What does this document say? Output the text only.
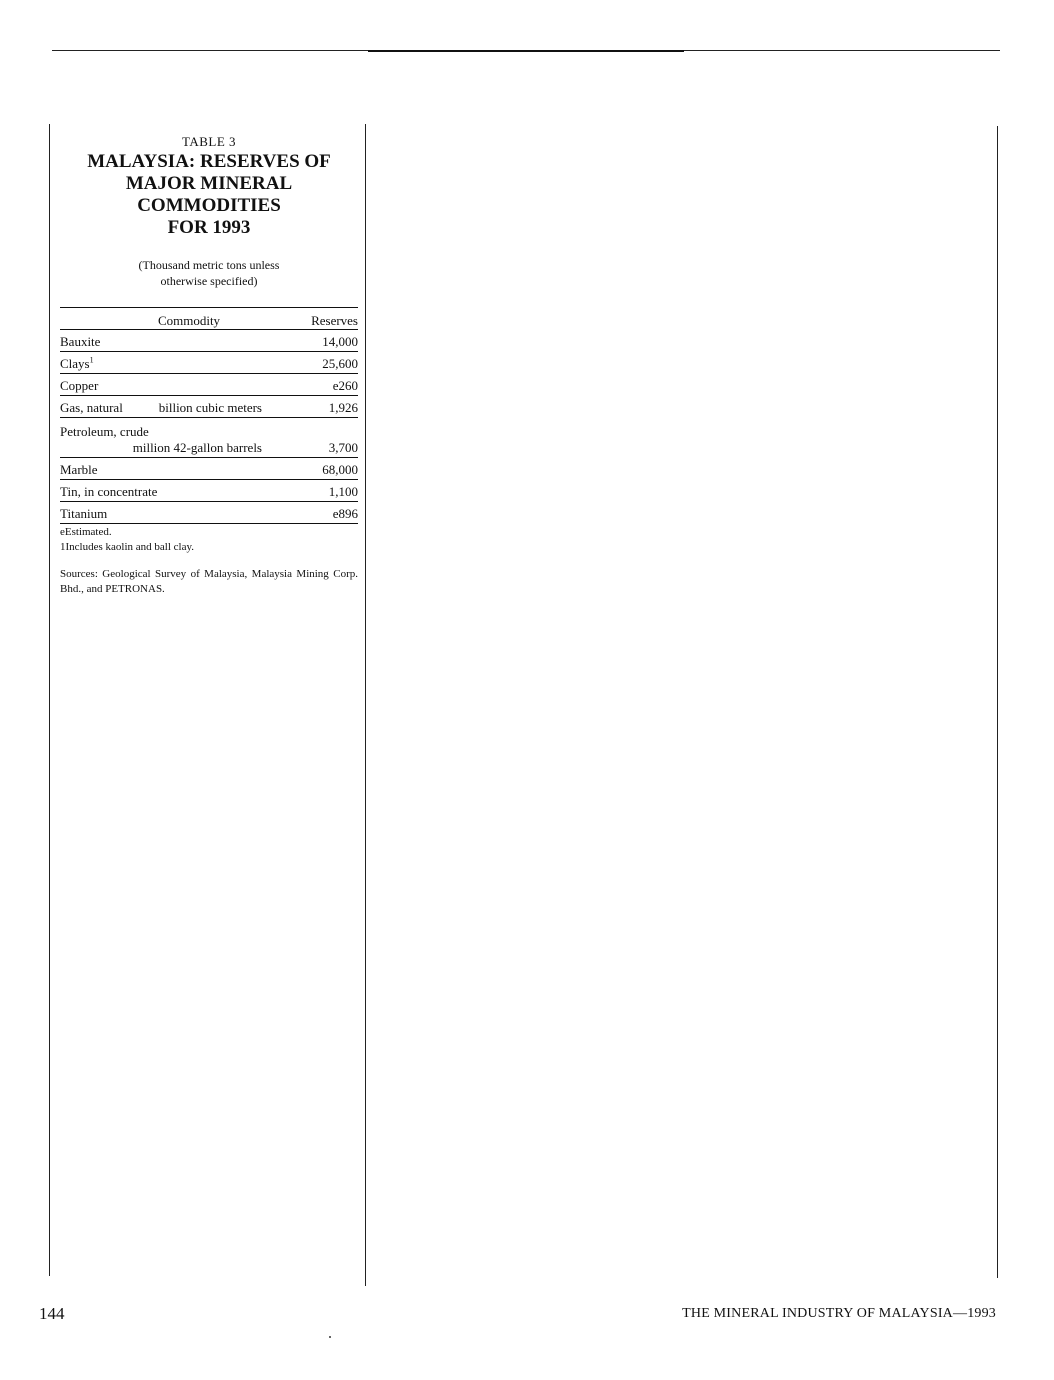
TABLE 3
MALAYSIA: RESERVES OF
MAJOR MINERAL COMMODITIES
FOR 1993
(Thousand metric tons unless
otherwise specified)
Commodity	Reserves
Bauxite	14,000
Clays$^1$	25,600
Copper	e260
Gas, natural	billion cubic meters	1,926
Petroleum, crude
million 42-gallon barrels	3,700
Marble	68,000
Tin, in concentrate	1,100
Titanium	e896
eEstimated.
1Includes kaolin and ball clay.
Sources: Geological Survey of Malaysia, Malaysia Mining Corp. Bhd., and PETRONAS.
144	THE MINERAL INDUSTRY OF MALAYSIA—1993
